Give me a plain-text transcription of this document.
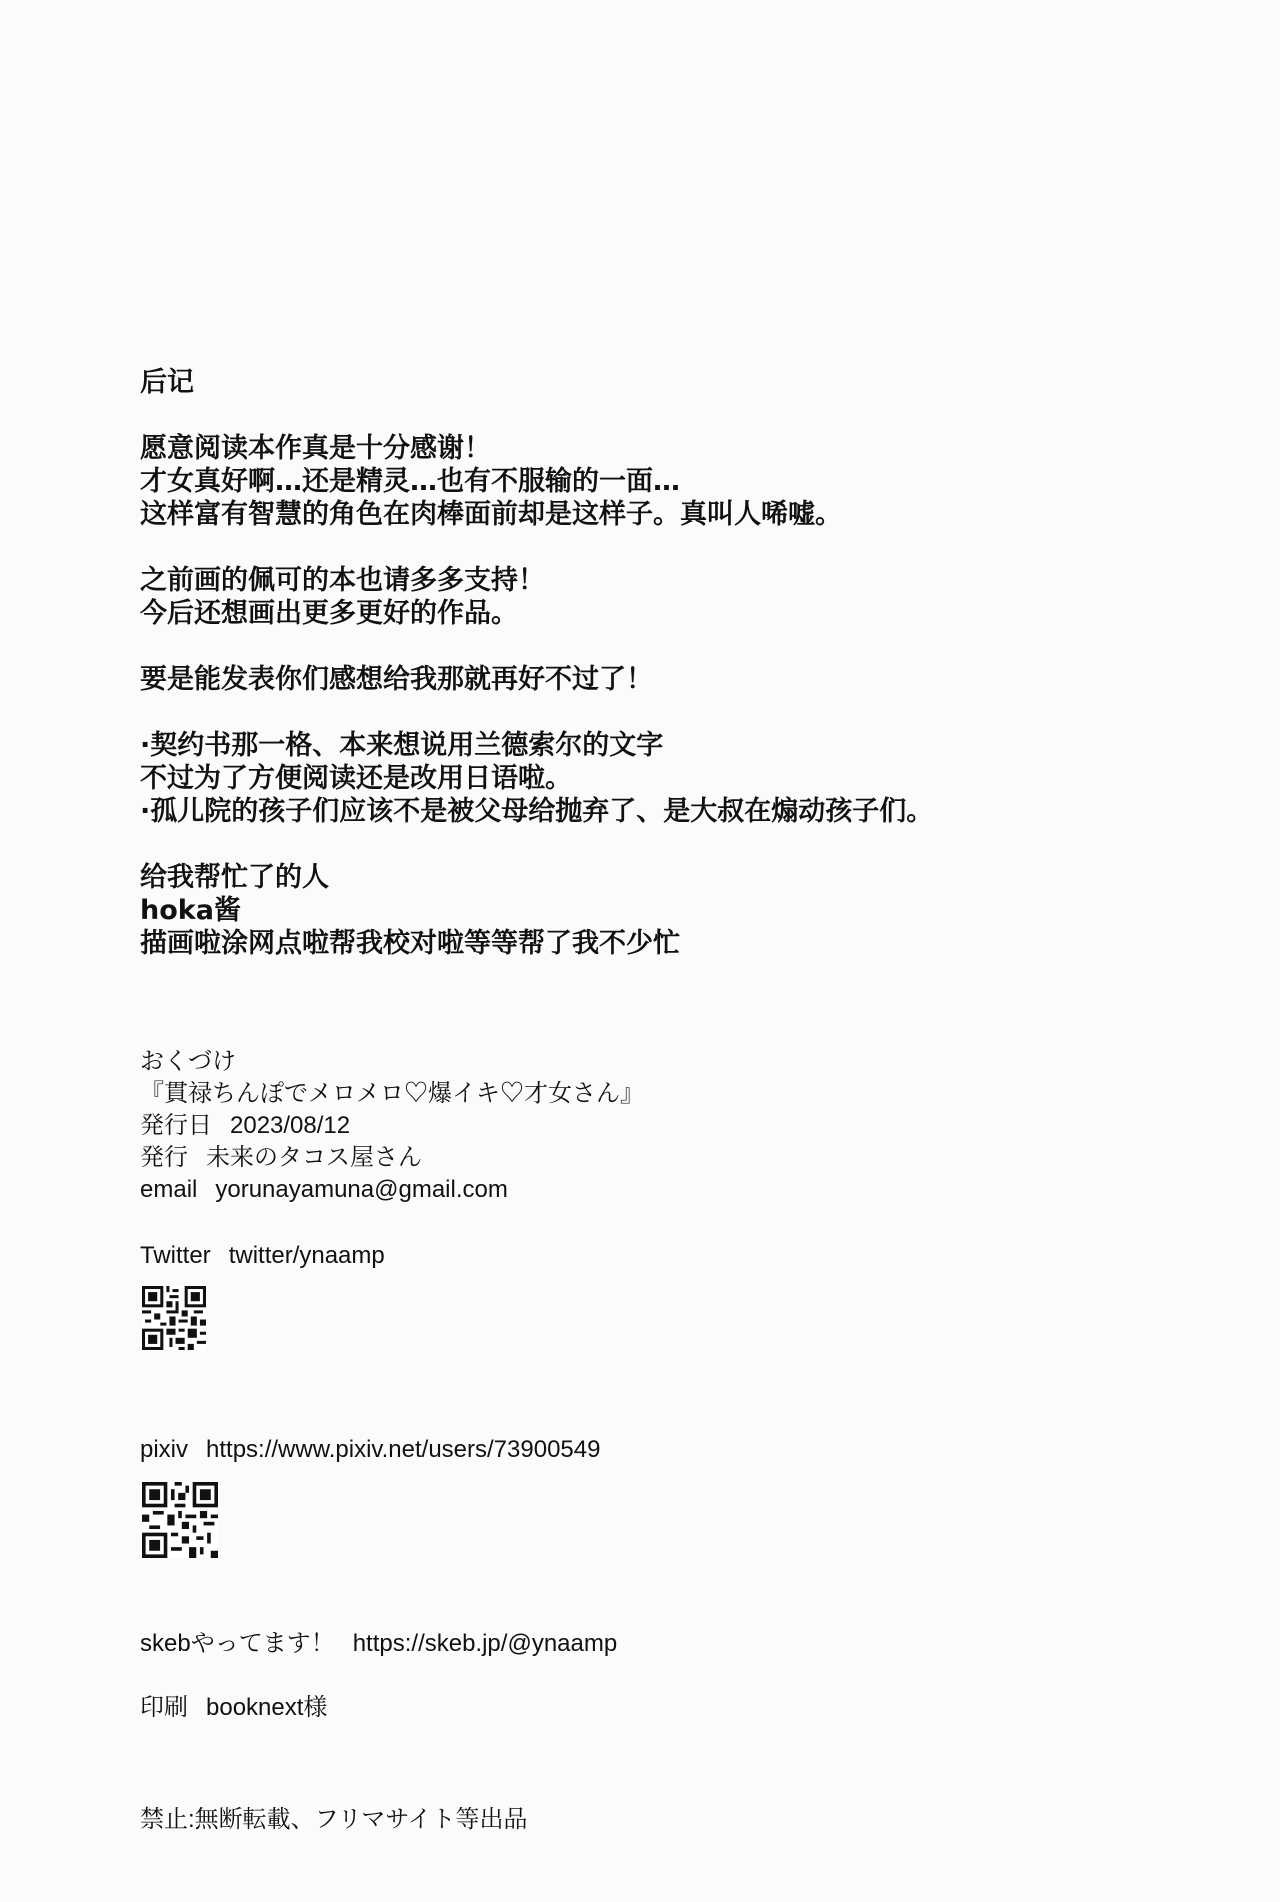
后记
愿意阅读本作真是十分感谢！
才女真好啊…还是精灵…也有不服输的一面…
这样富有智慧的角色在肉棒面前却是这样子。真叫人唏嘘。
之前画的佩可的本也请多多支持！
今后还想画出更多更好的作品。
要是能发表你们感想给我那就再好不过了！
·契约书那一格、本来想说用兰德索尔的文字
不过为了方便阅读还是改用日语啦。
·孤儿院的孩子们应该不是被父母给抛弃了、是大叔在煽动孩子们。
给我帮忙了的人
hoka酱
描画啦涂网点啦帮我校对啦等等帮了我不少忙
おくづけ
『貫禄ちんぽでメロメロ♡爆イキ♡才女さん』
発行日 2023/08/12
発行 未来のタコス屋さん
email yorunayamuna@gmail.com
Twitter twitter/ynaamp
pixiv https://www.pixiv.net/users/73900549
skebやってます！ https://skeb.jp/@ynaamp
印刷 booknext様
禁止:無断転載、フリマサイト等出品
